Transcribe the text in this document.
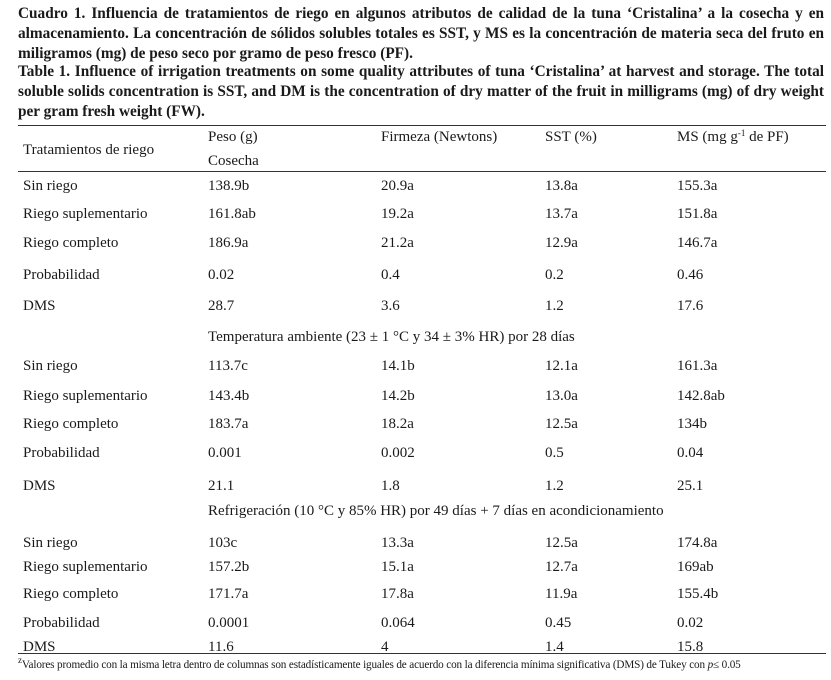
Cuadro 1. Influencia de tratamientos de riego en algunos atributos de calidad de la tuna ‘Cristalina’ a la cosecha y en almacenamiento. La concentración de sólidos solubles totales es SST, y MS es la concentración de materia seca del fruto en miligramos (mg) de peso seco por gramo de peso fresco (PF).
Table 1. Influence of irrigation treatments on some quality attributes of tuna ‘Cristalina’ at harvest and storage. The total soluble solids concentration is SST, and DM is the concentration of dry matter of the fruit in milligrams (mg) of dry weight per gram fresh weight (FW).
Tratamientos de riego
Peso (g)	Firmeza (Newtons)	SST (%)	MS (mg $g^{-1}$ de PF)
Cosecha
Sin riego	138.9b	20.9a	13.8a	155.3a
Riego suplementario	161.8ab	19.2a	13.7a	151.8a
Riego completo	186.9a	21.2a	12.9a	146.7a
Probabilidad	0.02	0.4	0.2	0.46
DMS	28.7	3.6	1.2	17.6
Temperatura ambiente (23 ± 1 °C y 34 ± 3% HR) por 28 días
Sin riego	113.7c	14.1b	12.1a	161.3a
Riego suplementario	143.4b	14.2b	13.0a	142.8ab
Riego completo	183.7a	18.2a	12.5a	134b
Probabilidad	0.001	0.002	0.5	0.04
DMS	21.1	1.8	1.2	25.1
Refrigeración (10 °C y 85% HR) por 49 días + 7 días en acondicionamiento
Sin riego	103c	13.3a	12.5a	174.8a
Riego suplementario	157.2b	15.1a	12.7a	169ab
Riego completo	171.7a	17.8a	11.9a	155.4b
Probabilidad	0.0001	0.064	0.45	0.02
DMS	11.6	4	1.4	15.8
$^z$Valores promedio con la misma letra dentro de columnas son estadísticamente iguales de acuerdo con la diferencia mínima significativa (DMS) de Tukey con p≤ 0.05
